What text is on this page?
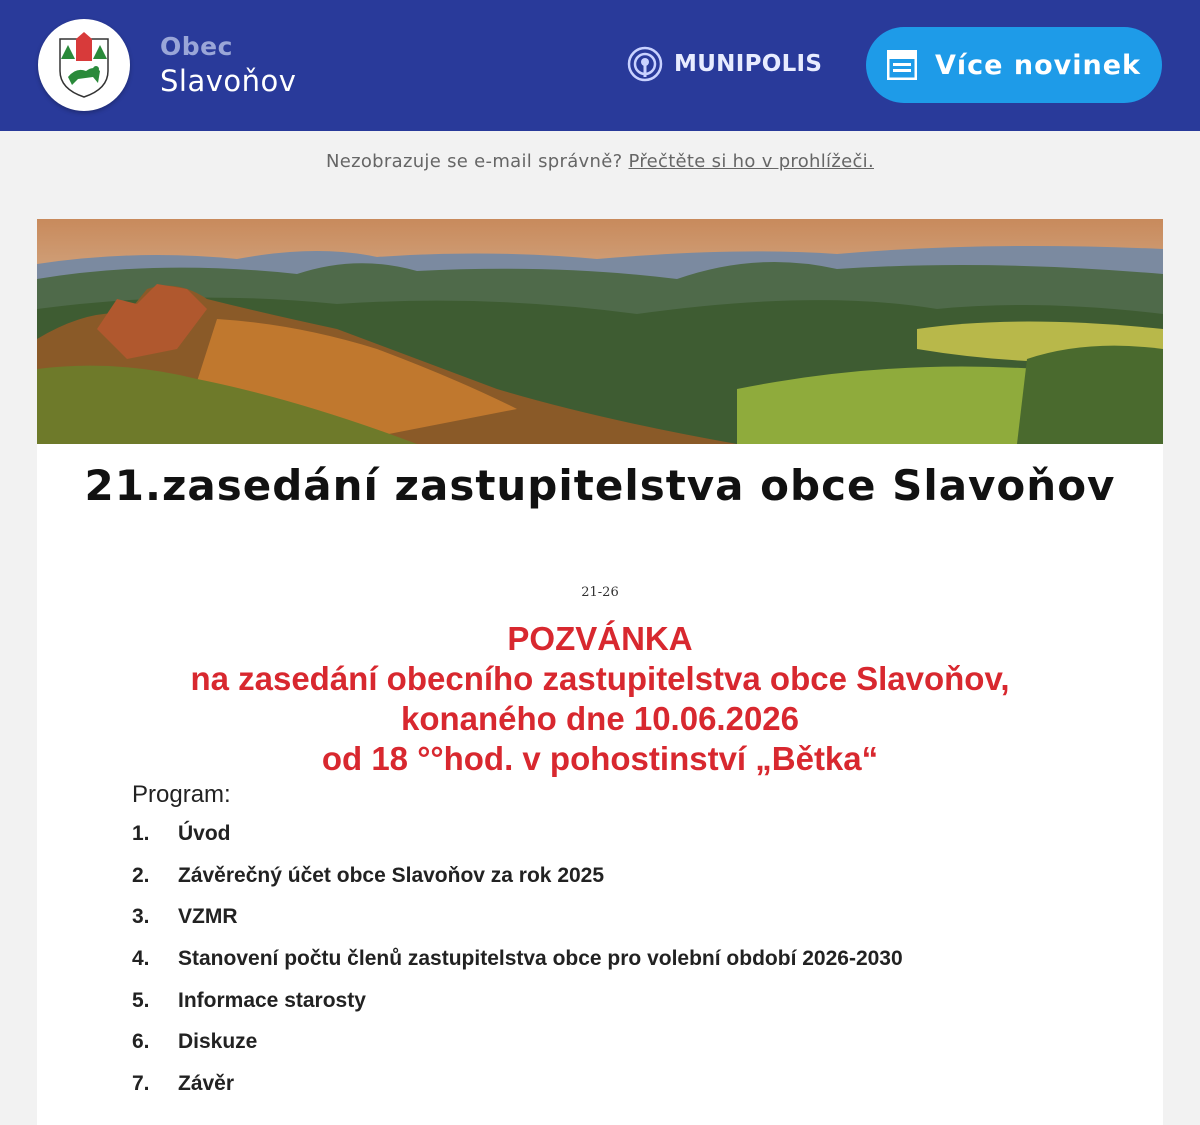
Obec
Slavoňov	MUNIPOLIS	Více novinek
Nezobrazuje se e-mail správně? Přečtěte si ho v prohlížeči.
21.zasedání zastupitelstva obce Slavoňov
21-26
POZVÁNKA
na zasedání obecního zastupitelstva obce Slavoňov,
konaného dne 10.06.2026
od 18 °°hod. v pohostinství „Bětka“
Program:
1.	Úvod
2.	Závěrečný účet obce Slavoňov za rok 2025
3.	VZMR
4.	Stanovení počtu členů zastupitelstva obce pro volební období 2026-2030
5.	Informace starosty
6.	Diskuze
7.	Závěr
